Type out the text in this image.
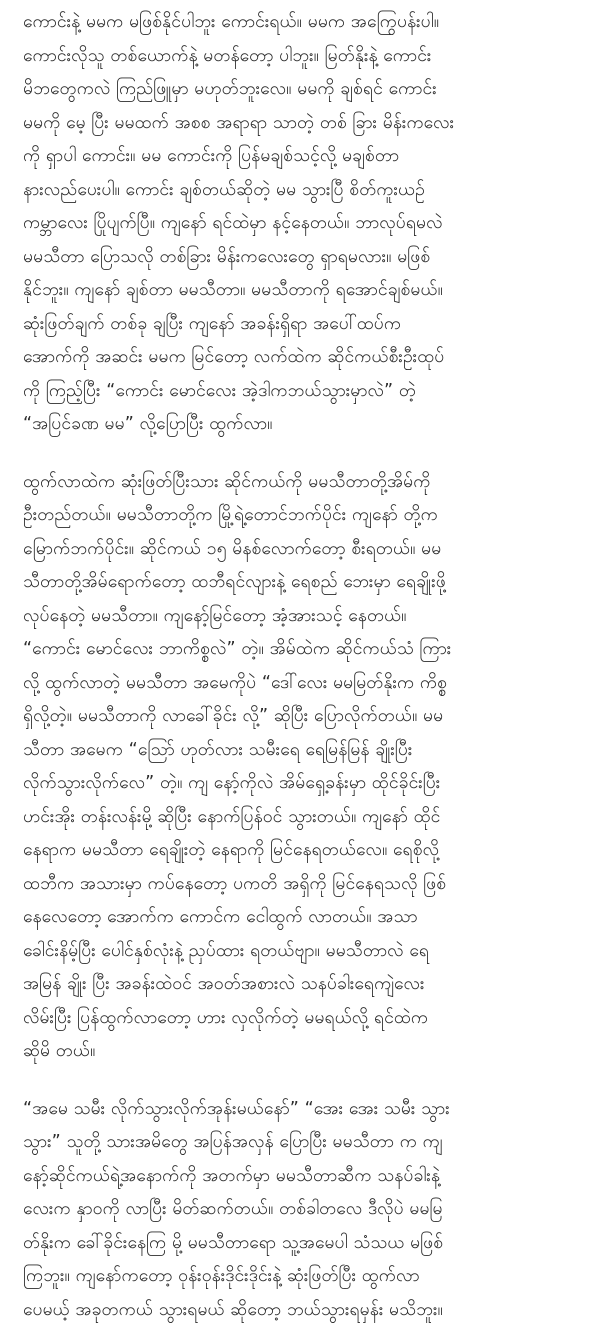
ကောင်းနဲ့ မမက မဖြစ်နိုင်ပါဘူး ကောင်းရယ်။ မမက အကြွေပန်းပါ။
ကောင်းလိုသူ တစ်ယောက်နဲ့ မတန်တော့ ပါဘူး။ မြတ်နိုးနဲ့ ကောင်း
မိဘတွေကလဲ ကြည်ဖြူမှာ မဟုတ်ဘူးလေ။ မမကို ချစ်ရင် ကောင်း
မမကို မေ့ ပြီး မမထက် အစစ အရာရာ သာတဲ့ တစ် ခြား မိန်းကလေး
ကို ရှာပါ ကောင်း။ မမ ကောင်းကို ပြန်မချစ်သင့်လို့ မချစ်တာ
နားလည်ပေးပါ။ ကောင်း ချစ်တယ်ဆိုတဲ့ မမ သွားပြီ စိတ်ကူးယဉ်
ကမ္ဘာလေး ပြိုပျက်ပြီ။ ကျနော် ရင်ထဲမှာ နင့်နေတယ်။ ဘာလုပ်ရမလဲ
မမသီတာ ပြောသလို တစ်ခြား မိန်းကလေးတွေ ရှာရမလား။ မဖြစ်
နိုင်ဘူး။ ကျနော် ချစ်တာ မမသီတာ။ မမသီတာကို ရအောင်ချစ်မယ်။
ဆုံးဖြတ်ချက် တစ်ခု ချပြီး ကျနော် အခန်းရှိရာ အပေါ်ထပ်က
အောက်ကို အဆင်း မမက မြင်တော့ လက်ထဲက ဆိုင်ကယ်စီးဦးထုပ်
ကို ကြည့်ပြီး “ကောင်း မောင်လေး အဲ့ဒါကဘယ်သွားမှာလဲ” တဲ့
“အပြင်ခဏ မမ” လို့ပြောပြီး ထွက်လာ။

ထွက်လာထဲက ဆုံးဖြတ်ပြီးသား ဆိုင်ကယ်ကို မမသီတာတို့အိမ်ကို
ဦးတည်တယ်။ မမသီတာတို့က မြို့ရဲ့တောင်ဘက်ပိုင်း ကျနော် တို့က
မြောက်ဘက်ပိုင်း။ ဆိုင်ကယ် ၁၅ မိနစ်လောက်တော့ စီးရတယ်။ မမ
သီတာတို့အိမ်ရောက်တော့ ထဘီရင်လျားနဲ့ ရေစည် ဘေးမှာ ရေချိုးဖို့
လုပ်နေတဲ့ မမသီတာ။ ကျနော့်မြင်တော့ အံ့အားသင့် နေတယ်။
“ကောင်း မောင်လေး ဘာကိစ္စလဲ” တဲ့။ အိမ်ထဲက ဆိုင်ကယ်သံ ကြား
လို့ ထွက်လာတဲ့ မမသီတာ အမေကိုပဲ “ဒေါ်လေး မမမြတ်နိုးက ကိစ္စ
ရှိလို့တဲ့။ မမသီတာကို လာခေါ်ခိုင်း လို့” ဆိုပြီး ပြောလိုက်တယ်။ မမ
သီတာ အမေက “သြော် ဟုတ်လား သမီးရေ ရေမြန်မြန် ချိုးပြီး
လိုက်သွားလိုက်လေ” တဲ့။ ကျ နော့်ကိုလဲ အိမ်ရှေ့ခန်းမှာ ထိုင်ခိုင်းပြီး
ဟင်းအိုး တန်းလန်းမို့ ဆိုပြီး နောက်ပြန်ဝင် သွားတယ်။ ကျနော် ထိုင်
နေရာက မမသီတာ ရေချိုးတဲ့ နေရာကို မြင်နေရတယ်လေ။ ရေစိုလို့
ထဘီက အသားမှာ ကပ်နေတော့ ပကတိ အရှိကို မြင်နေရသလို ဖြစ်
နေလေတော့ အောက်က ကောင်က ငေါထွက် လာတယ်။ အသာ
ခေါင်းနိမ့်ပြီး ပေါင်နှစ်လုံးနဲ့ ညှပ်ထား ရတယ်ဗျာ။ မမသီတာလဲ ရေ
အမြန် ချိုး ပြီး အခန်းထဲဝင် အဝတ်အစားလဲ သနပ်ခါးရေကျဲလေး
လိမ်းပြီး ပြန်ထွက်လာတော့ ဟား လှလိုက်တဲ့ မမရယ်လို့ ရင်ထဲက
ဆိုမိ တယ်။

“အမေ သမီး လိုက်သွားလိုက်အုန်းမယ်နော်” “အေး အေး သမီး သွား
သွား” သူတို့ သားအမိတွေ အပြန်အလှန် ပြောပြီး မမသီတာ က ကျ
နော့်ဆိုင်ကယ်ရဲ့အနောက်ကို အတက်မှာ မမသီတာဆီက သနပ်ခါးနဲ့
လေးက နှာဝကို လာပြီး မိတ်ဆက်တယ်။ တစ်ခါတလေ ဒီလိုပဲ မမမြ
တ်နိုးက ခေါ်ခိုင်းနေကြ မို့ မမသီတာရော သူ့အမေပါ သံသယ မဖြစ်
ကြဘူး။ ကျနော်ကတော့ ဝုန်းဝုန်းဒိုင်းဒိုင်းနဲ့ ဆုံးဖြတ်ပြီး ထွက်လာ
ပေမယ့် အခုတကယ် သွားရမယ် ဆိုတော့ ဘယ်သွားရမှန်း မသိဘူး။
